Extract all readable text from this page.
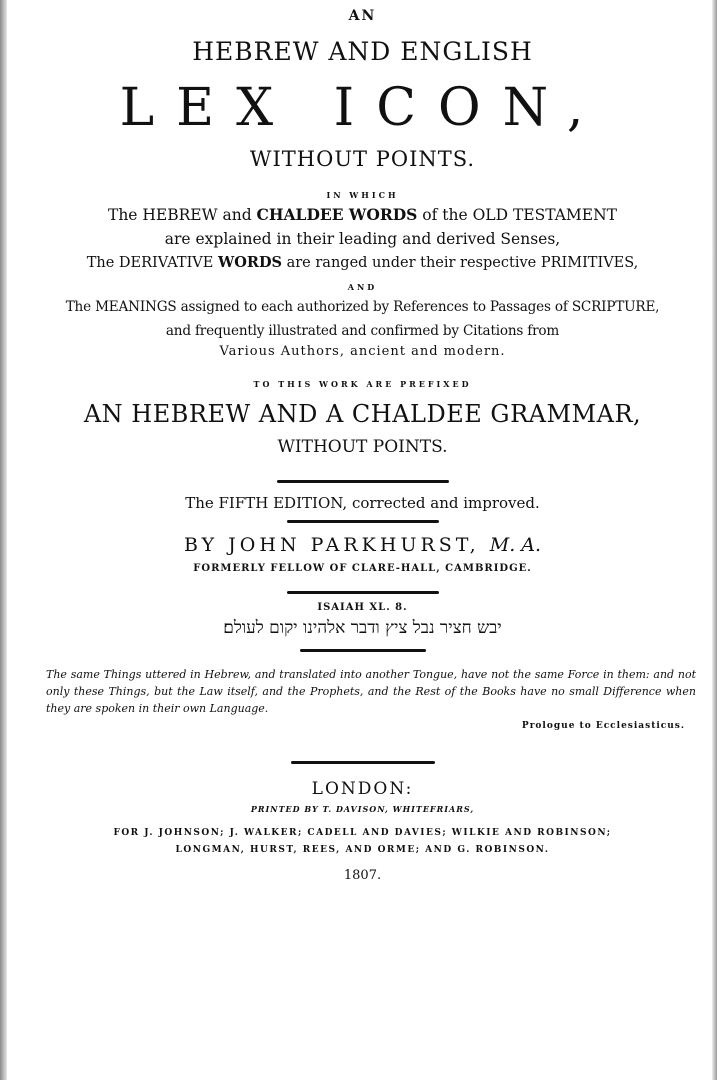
AN
HEBREW AND ENGLISH
LEX ICON,
WITHOUT POINTS.
IN WHICH
The HEBREW and CHALDEE WORDS of the OLD TESTAMENT
are explained in their leading and derived Senses,
The DERIVATIVE WORDS are ranged under their respective PRIMITIVES,
AND
The MEANINGS assigned to each authorized by References to Passages of SCRIPTURE,
and frequently illustrated and confirmed by Citations from
Various Authors, ancient and modern.
TO THIS WORK ARE PREFIXED
AN HEBREW AND A CHALDEE GRAMMAR,
WITHOUT POINTS.
The FIFTH EDITION, corrected and improved.
BY JOHN PARKHURST, M. A.
FORMERLY FELLOW OF CLARE-HALL, CAMBRIDGE.
ISAIAH XL. 8.
יבש חציר נבל ציץ ודבר אלהינו יקום לעולם׃
The same Things uttered in Hebrew, and translated into another Tongue, have not the same Force in them: and not only these Things, but the Law itself, and the Prophets, and the Rest of the Books have no small Difference when they are spoken in their own Language.
Prologue to Ecclesiasticus.
LONDON:
PRINTED BY T. DAVISON, WHITEFRIARS,
FOR J. JOHNSON; J. WALKER; CADELL AND DAVIES; WILKIE AND ROBINSON;
LONGMAN, HURST, REES, AND ORME; AND G. ROBINSON.
1807.
